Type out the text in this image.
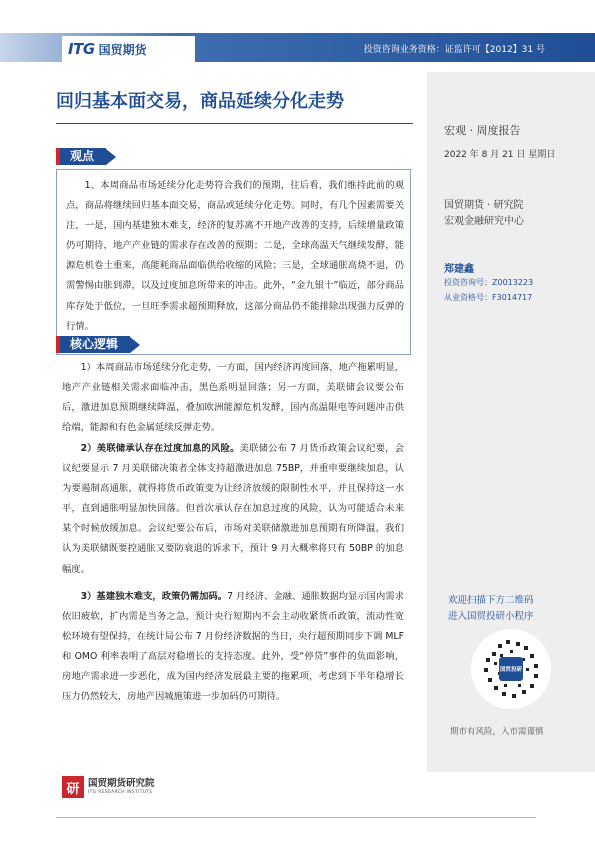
ITG 国贸期货	投资咨询业务资格：证监许可【2012】31 号
回归基本面交易，商品延续分化走势
宏观 · 周度报告
2022 年 8 月 21 日 星期日
国贸期货 · 研究院
宏观金融研究中心
郑建鑫
投资咨询号：Z0013223
从业资格号：F3014717
观点

1、本周商品市场延续分化走势符合我们的预期，往后看，我们维持此前的观点，商品将继续回归基本面交易，商品或延续分化走势。同时，有几个因素需要关注，一是，国内基建独木难支，经济的复苏离不开地产改善的支持，后续增量政策仍可期待，地产产业链的需求存在改善的预期；二是，全球高温天气继续发酵，能源危机卷土重来，高能耗商品面临供给收缩的风险；三是，全球通胀高烧不退，仍需警惕由胀到滞，以及过度加息所带来的冲击。此外，“金九银十”临近，部分商品库存处于低位，一旦旺季需求超预期释放，这部分商品仍不能排除出现强力反弹的行情。

核心逻辑

1）本周商品市场延续分化走势，一方面，国内经济再度回落，地产拖累明显，地产产业链相关需求面临冲击，黑色系明显回落；另一方面，美联储会议要公布后，激进加息预期继续降温，叠加欧洲能源危机发酵，国内高温限电等问题冲击供给端，能源和有色金属延续反弹走势。

2）美联储承认存在过度加息的风险。美联储公布 7 月货币政策会议纪要，会议纪要显示 7 月美联储决策者全体支持超激进加息 75BP，并重申要继续加息，认为要遏制高通胀，就得将货币政策变为让经济放缓的限制性水平，并且保持这一水平，直到通胀明显加快回落。但首次承认存在加息过度的风险，认为可能适合未来某个时候放缓加息。会议纪要公布后，市场对美联储激进加息预期有所降温，我们认为美联储既要控通胀又要防衰退的诉求下，预计 9 月大概率将只有 50BP 的加息幅度。

3）基建独木难支，政策仍需加码。7 月经济、金融、通胀数据均显示国内需求依旧疲软，扩内需是当务之急，预计央行短期内不会主动收紧货币政策，流动性宽松环境有望保持，在统计局公布 7 月份经济数据的当日，央行超预期同步下调 MLF 和 OMO 利率表明了高层对稳增长的支持态度。此外，受“停贷”事件的负面影响，房地产需求进一步恶化，成为国内经济发展最主要的拖累项，考虑到下半年稳增长压力仍然较大，房地产因城施策进一步加码仍可期待。

欢迎扫描下方二维码
进入国贸投研小程序
国贸投研
期市有风险，入市需谨慎
研 国贸期货研究院
ITG RESEARCH INSTITUTE
